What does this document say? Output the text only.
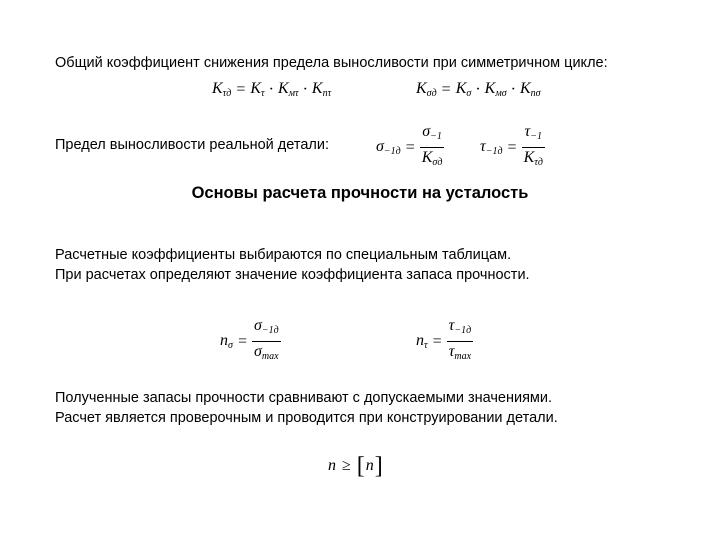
Общий коэффициент снижения предела выносливости при симметричном цикле:
$K_{\tau д} = K_\tau \cdot K_{м\tau} \cdot K_{п\tau}$	$K_{\sigma д} = K_\sigma \cdot K_{м\sigma} \cdot K_{п\sigma}$
Предел выносливости реальной детали:	$\sigma_{-1д} = \frac{\sigma_{-1}}{K_{\sigma д}} \tau_{-1д} = \frac{\tau_{-1}}{K_{\tau д}}$
Основы расчета прочности на усталость
Расчетные коэффициенты выбираются по специальным таблицам.
При расчетах определяют значение коэффициента запаса прочности.
$n_\sigma = \frac{\sigma_{-1д}}{\sigma_{max}}$	$n_\tau = \frac{\tau_{-1д}}{\tau_{max}}$
Полученные запасы прочности сравнивают с допускаемыми значениями.
Расчет является проверочным и проводится при конструировании детали.
n ≥ [ n ]
